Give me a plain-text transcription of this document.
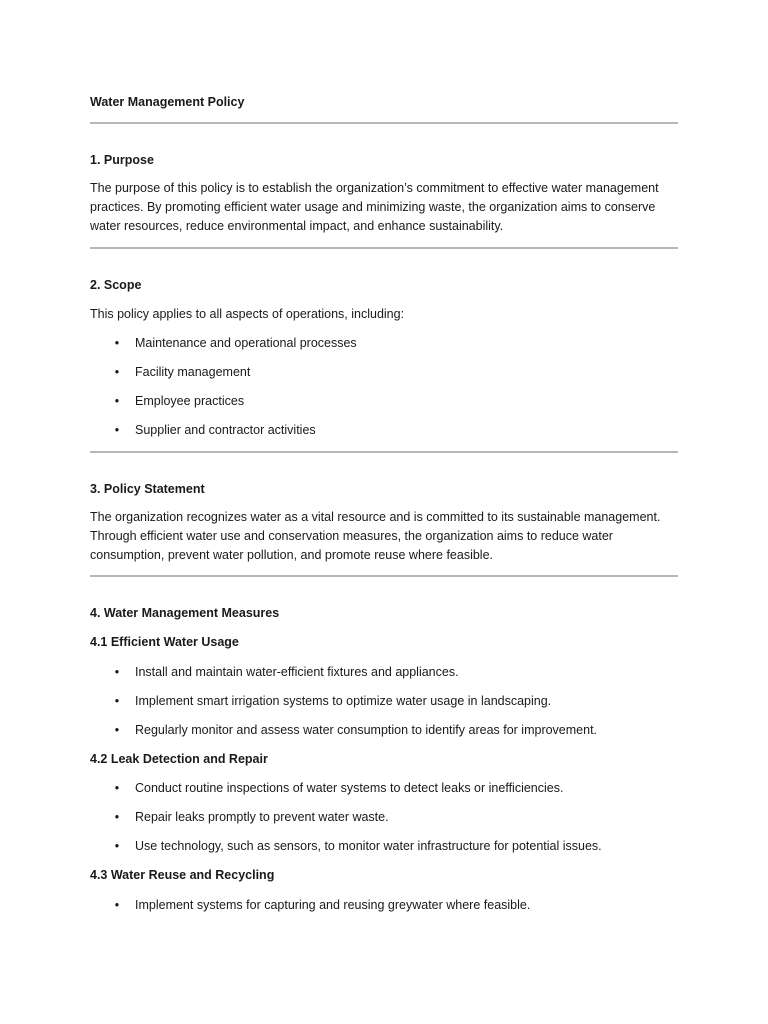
Water Management Policy
1. Purpose

The purpose of this policy is to establish the organization’s commitment to effective water management practices. By promoting efficient water usage and minimizing waste, the organization aims to conserve water resources, reduce environmental impact, and enhance sustainability.

2. Scope
This policy applies to all aspects of operations, including:
• Maintenance and operational processes
• Facility management
• Employee practices
• Supplier and contractor activities
3. Policy Statement

The organization recognizes water as a vital resource and is committed to its sustainable management. Through efficient water use and conservation measures, the organization aims to reduce water consumption, prevent water pollution, and promote reuse where feasible.

4. Water Management Measures
4.1 Efficient Water Usage
• Install and maintain water-efficient fixtures and appliances.
• Implement smart irrigation systems to optimize water usage in landscaping.
• Regularly monitor and assess water consumption to identify areas for improvement.
4.2 Leak Detection and Repair
• Conduct routine inspections of water systems to detect leaks or inefficiencies.
• Repair leaks promptly to prevent water waste.
• Use technology, such as sensors, to monitor water infrastructure for potential issues.
4.3 Water Reuse and Recycling
• Implement systems for capturing and reusing greywater where feasible.
